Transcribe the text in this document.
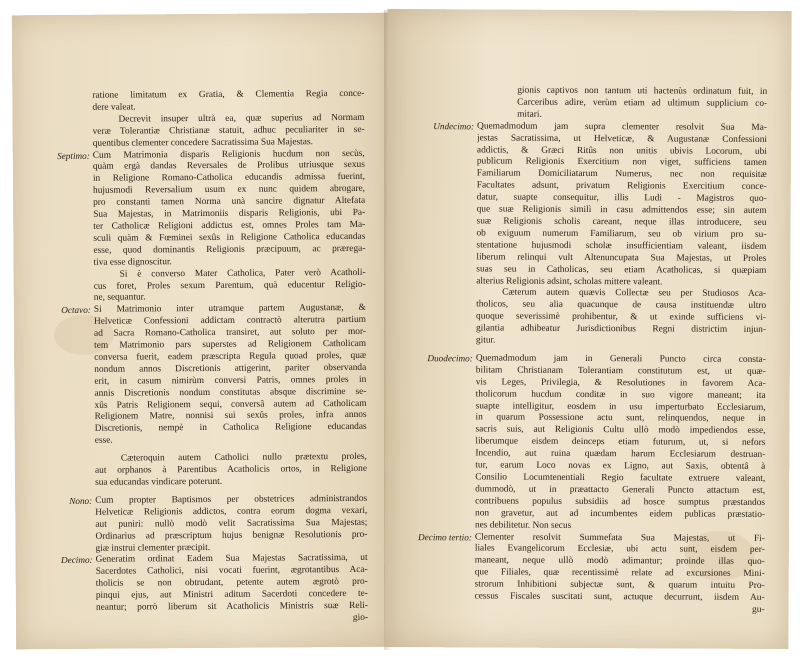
ratione limitatum ex Gratia, & Clementia Regia conce-
dere valeat.
Decrevit insuper ultrà ea, quæ superius ad Normam
veræ Tolerantiæ Christianæ statuit, adhuc peculiariter in se-
quentibus clementer concedere Sacratissima Sua Majestas.
Cum Matrimonia disparis Religionis hucdum non secùs,
Septimo:
quàm ergà dandas Reversales de Prolibus utriusque sexus
in Religione Romano-Catholica educandis admissa fuerint,
hujusmodi Reversalium usum ex nunc quidem abrogare,
pro constanti tamen Norma unà sancire dignatur Altefata
Sua Majestas, in Matrimoniis disparis Religionis, ubi Pa-
ter Catholicæ Religioni addictus est, omnes Proles tam Ma-
sculi quàm & Fœminei sexûs in Religione Catholica educandas
esse, quod dominantis Religionis præcipuum, ac prærega-
tiva esse dignoscitur.
Si è converso Mater Catholica, Pater verò Acatholi-
cus foret, Proles sexum Parentum, quà educentur Religio-
ne, sequantur.
Si Matrimonio inter utramque partem Augustanæ, &
Octavo:
Helveticæ Confessioni addictam contractò alterutra partium
ad Sacra Romano-Catholica transiret, aut soluto per mor-
tem Matrimonio pars superstes ad Religionem Catholicam
conversa fuerit, eadem præscripta Regula quoad proles, quæ
nondum annos Discretionis attigerint, pariter observanda
erit, in casum nimirùm conversi Patris, omnes proles in
annis Discretionis nondum constitutas absque discrimine se-
xûs Patris Religionem sequi, conversâ autem ad Catholicam
Religionem Matre, nonnisi sui sexûs proles, infra annos
Discretionis, nempè in Catholica Religione educandas
esse.
Cæteroquin autem Catholici nullo prætextu proles,
aut orphanos à Parentibus Acatholicis ortos, in Religione
sua educandas vindicare poterunt.
Cum propter Baptismos per obstetrices administrandos
Nono:
Helveticæ Religionis addictos, contra eorum dogma vexari,
aut puniri: nullò modò velit Sacratissima Sua Majestas;
Ordinarius ad præscriptum hujus benignæ Resolutionis pro-
giæ instrui clementer præcipit.
Generatim ordinat Eadem Sua Majestas Sacratissima, ut
Decimo:
Sacerdotes Catholici, nisi vocati fuerint, ægrotantibus Aca-
tholicis se non obtrudant, petente autem ægrotò pro-
pinqui ejus, aut Ministri aditum Sacerdoti concedere te-
neantur; porrò liberum sit Acatholicis Ministris suæ Reli-
gio-
gionis captivos non tantum uti hactenùs ordinatum fuit, in
Carceribus adire, verùm etiam ad ultimum supplicium co-
mitari.
Quemadmodum jam supra clementer resolvit Sua Ma-
Undecimo:
jestas Sacratissima, ut Helveticæ, & Augustanæ Confessioni
addictis, & Græci Ritûs non unitis ubivis Locorum, ubi
publicum Religionis Exercitium non viget, sufficiens tamen
Familiarum Domiciliatarum Numerus, nec non requisitæ
Facultates adsunt, privatum Religionis Exercitium conce-
datur, suapte consequitur, illis Ludi - Magistros quo-
que suæ Religionis similì in casu admittendos esse; sin autem
suæ Religionis scholis careant, neque illas introducere, seu
ob exiguum numerum Familiarum, seu ob virium pro su-
stentatione hujusmodi scholæ insufficientiam valeant, iisdem
liberum relinqui vult Altenuncupata Sua Majestas, ut Proles
suas seu in Catholicas, seu etiam Acatholicas, si quæpiam
alterius Religionis adsint, scholas mittere valeant.
Cæterum autem quævis Collectæ seu per Studiosos Aca-
tholicos, seu alia quacunque de causa instituendæ ultro
quoque severissimè prohibentur, & ut exinde sufficiens vi-
gilantia adhibeatur Jurisdictionibus Regni districtim injun-
gitur.
Quemadmodum jam in Generali Puncto circa consta-
Duodecimo:
bilitam Christianam Tolerantiam constitutum est, ut quæ-
vis Leges, Privilegia, & Resolutiones in favorem Aca-
tholicorum hucdum conditæ in suo vigore maneant; ita
suapte intelligitur, eosdem in usu imperturbato Ecclesiarum,
in quarum Possessione actu sunt, relinquendos, neque in
sacris suis, aut Religionis Cultu ullò modò impediendos esse,
liberumque eisdem deinceps etiam futurum, ut, si nefors
Incendio, aut ruina quædam harum Ecclesiarum destruan-
tur, earum Loco novas ex Ligno, aut Saxis, obtentâ à
Consilio Locumtenentiali Regio facultate extruere valeant,
dummodò, ut in præattacto Generali Puncto attactum est,
contribuens populus subsidiis ad hosce sumptus præstandos
non gravetur, aut ad incumbentes eidem publicas præstatio-
nes debilitetur. Non secus
Clementer resolvit Summefata Sua Majestas, ut Fi-
Decimo tertio:
liales Evangelicorum Ecclesiæ, ubi actu sunt, eisdem per-
maneant, neque ullò modò adimantur; proinde illas quo-
que Filiales, quæ recentissimè relate ad excursiones Mini-
strorum Inhibitioni subjectæ sunt, & quarum intuitu Pro-
cessus Fiscales suscitati sunt, actuque decurrunt, iisdem Au-
gu-
